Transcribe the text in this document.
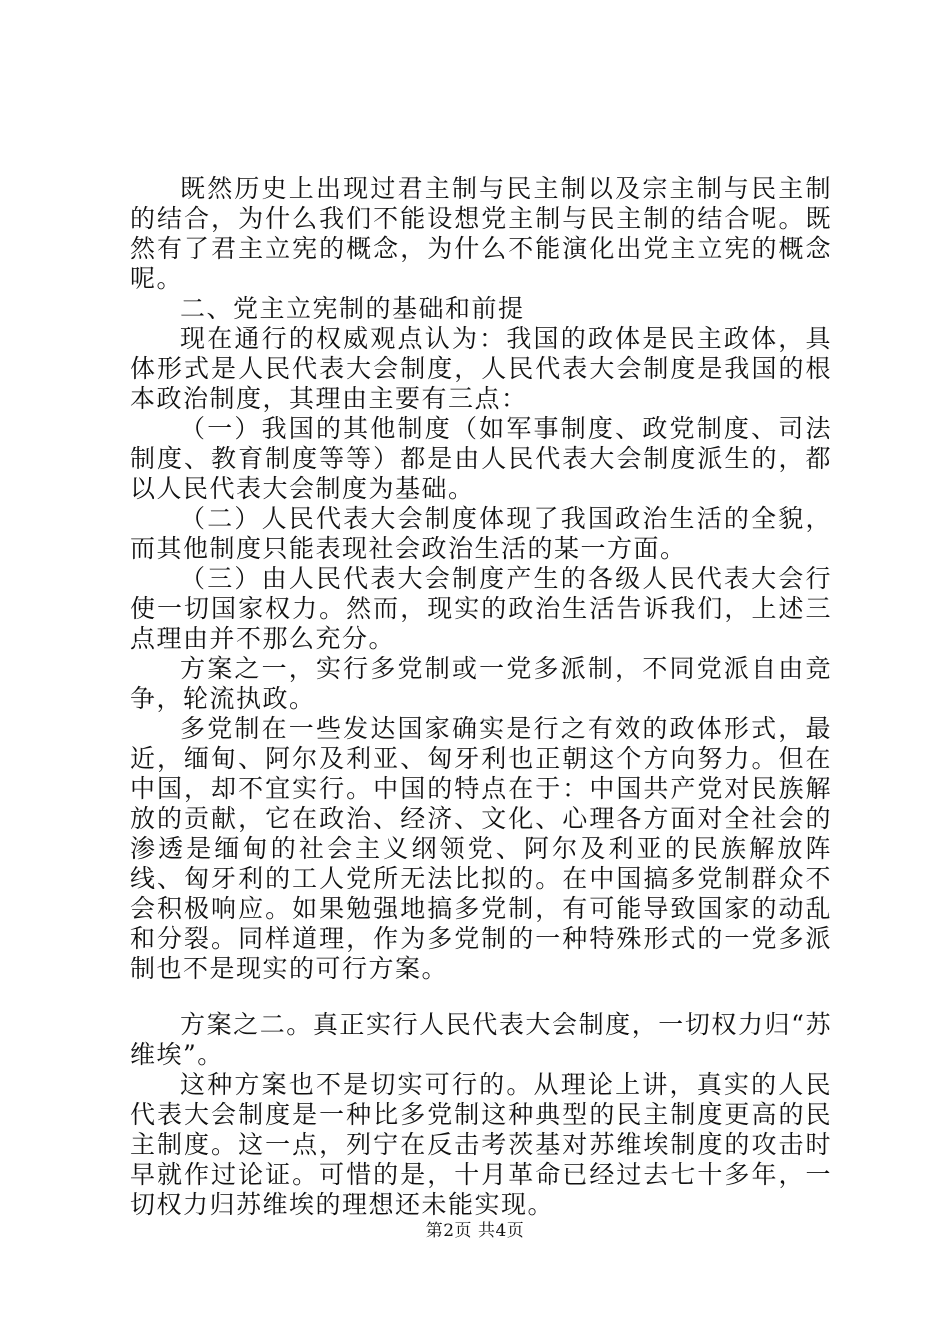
既然历史上出现过君主制与民主制以及宗主制与民主制的结合，为什么我们不能设想党主制与民主制的结合呢。既然有了君主立宪的概念，为什么不能演化出党主立宪的概念呢。

二、党主立宪制的基础和前提

现在通行的权威观点认为：我国的政体是民主政体，具体形式是人民代表大会制度，人民代表大会制度是我国的根本政治制度，其理由主要有三点：

（一）我国的其他制度（如军事制度、政党制度、司法制度、教育制度等等）都是由人民代表大会制度派生的，都以人民代表大会制度为基础。

（二）人民代表大会制度体现了我国政治生活的全貌，而其他制度只能表现社会政治生活的某一方面。

（三）由人民代表大会制度产生的各级人民代表大会行使一切国家权力。然而，现实的政治生活告诉我们，上述三点理由并不那么充分。

方案之一，实行多党制或一党多派制，不同党派自由竞争，轮流执政。

多党制在一些发达国家确实是行之有效的政体形式，最近，缅甸、阿尔及利亚、匈牙利也正朝这个方向努力。但在中国，却不宜实行。中国的特点在于：中国共产党对民族解放的贡献，它在政治、经济、文化、心理各方面对全社会的渗透是缅甸的社会主义纲领党、阿尔及利亚的民族解放阵线、匈牙利的工人党所无法比拟的。在中国搞多党制群众不会积极响应。如果勉强地搞多党制，有可能导致国家的动乱和分裂。同样道理，作为多党制的一种特殊形式的一党多派制也不是现实的可行方案。

方案之二。真正实行人民代表大会制度，一切权力归“苏维埃”。

这种方案也不是切实可行的。从理论上讲，真实的人民代表大会制度是一种比多党制这种典型的民主制度更高的民主制度。这一点，列宁在反击考茨基对苏维埃制度的攻击时早就作过论证。可惜的是，十月革命已经过去七十多年，一切权力归苏维埃的理想还未能实现。

第2页 共4页
